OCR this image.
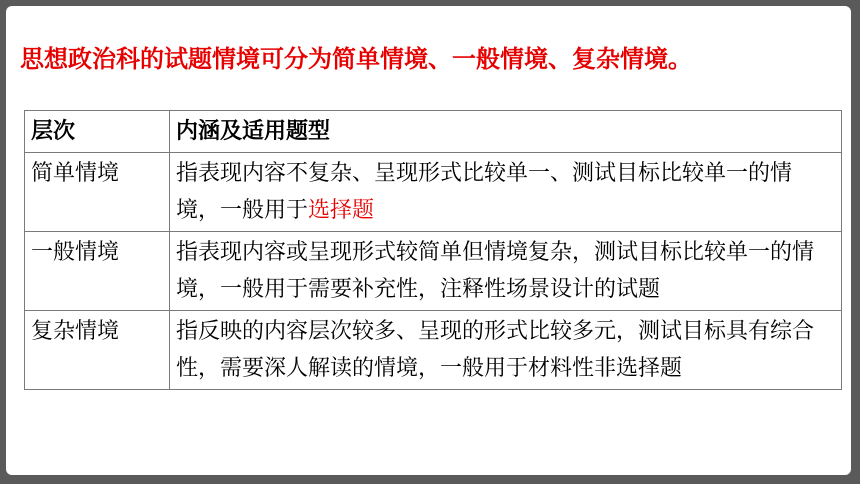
思想政治科的试题情境可分为简单情境、一般情境、复杂情境。
层次	内涵及适用题型
简单情境	指表现内容不复杂、呈现形式比较单一、测试目标比较单一的情境，一般用于选择题
一般情境	指表现内容或呈现形式较简单但情境复杂，测试目标比较单一的情境，一般用于需要补充性，注释性场景设计的试题
复杂情境	指反映的内容层次较多、呈现的形式比较多元，测试目标具有综合性，需要深人解读的情境，一般用于材料性非选择题
